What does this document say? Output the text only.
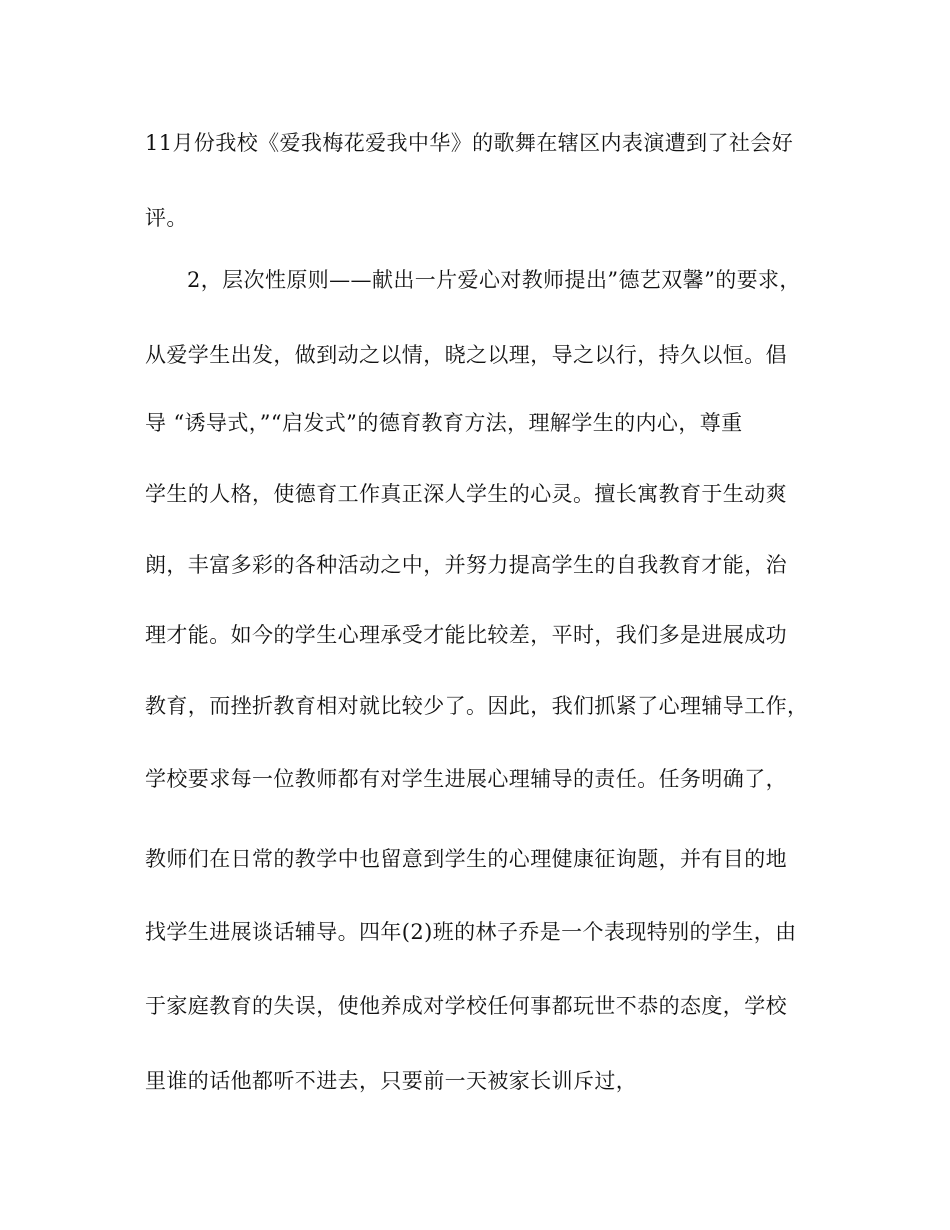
11月份我校《爱我梅花爱我中华》的歌舞在辖区内表演遭到了社会好
评。
2，层次性原则——献出一片爱心对教师提出”德艺双馨”的要求，
从爱学生出发，做到动之以情，晓之以理，导之以行，持久以恒。倡
导 “诱导式，”“启发式”的德育教育方法，理解学生的内心，尊重
学生的人格，使德育工作真正深人学生的心灵。擅长寓教育于生动爽
朗，丰富多彩的各种活动之中，并努力提高学生的自我教育才能，治
理才能。如今的学生心理承受才能比较差，平时，我们多是进展成功
教育，而挫折教育相对就比较少了。因此，我们抓紧了心理辅导工作，
学校要求每一位教师都有对学生进展心理辅导的责任。任务明确了，
教师们在日常的教学中也留意到学生的心理健康征询题，并有目的地
找学生进展谈话辅导。四年(2)班的林子乔是一个表现特别的学生，由
于家庭教育的失误，使他养成对学校任何事都玩世不恭的态度，学校
里谁的话他都听不进去，只要前一天被家长训斥过，
